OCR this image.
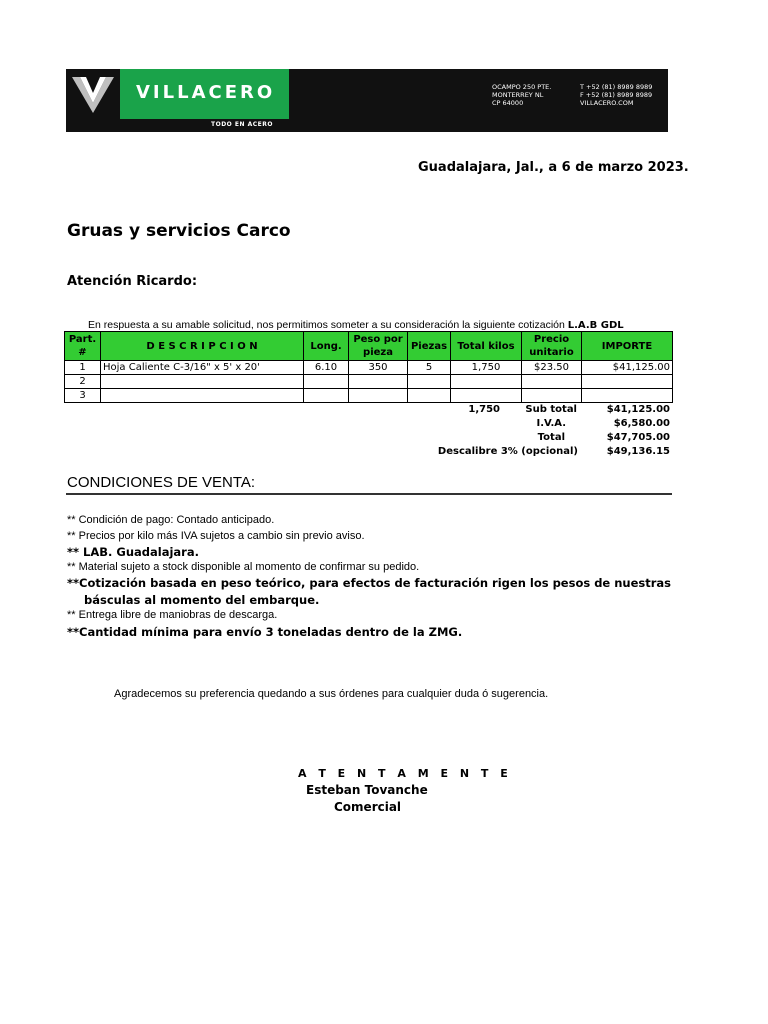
VILLACERO
TODO EN ACERO
OCAMPO 250 PTE.
MONTERREY NL
CP 64000
T +52 (81) 8989 8989
F +52 (81) 8989 8989
VILLACERO.COM
Guadalajara, Jal., a 6 de marzo 2023.
Gruas y servicios Carco
Atención Ricardo:
En respuesta a su amable solicitud, nos permitimos someter a su consideración la siguiente cotización L.A.B GDL
Part. #	D E S C R I P C I O N	Long.	Peso por pieza	Piezas	Total kilos	Precio unitario	IMPORTE
1	Hoja Caliente C-3/16" x 5' x 20'	6.10	350	5	1,750	$23.50	$41,125.00
2							
3							
1,750	Sub total	$41,125.00
I.V.A.	$6,580.00
Total	$47,705.00
Descalibre 3% (opcional)	$49,136.15
CONDICIONES DE VENTA:
** Condición de pago: Contado anticipado.
** Precios por kilo más IVA sujetos a cambio sin previo aviso.
** LAB. Guadalajara.
** Material sujeto a stock disponible al momento de confirmar su pedido.
**Cotización basada en peso teórico, para efectos de facturación rigen los pesos de nuestras
básculas al momento del embarque.
** Entrega libre de maniobras de descarga.
**Cantidad mínima para envío 3 toneladas dentro de la ZMG.
Agradecemos su preferencia quedando a sus órdenes para cualquier duda ó sugerencia.
A T E N T A M E N T E
Esteban Tovanche
Comercial
